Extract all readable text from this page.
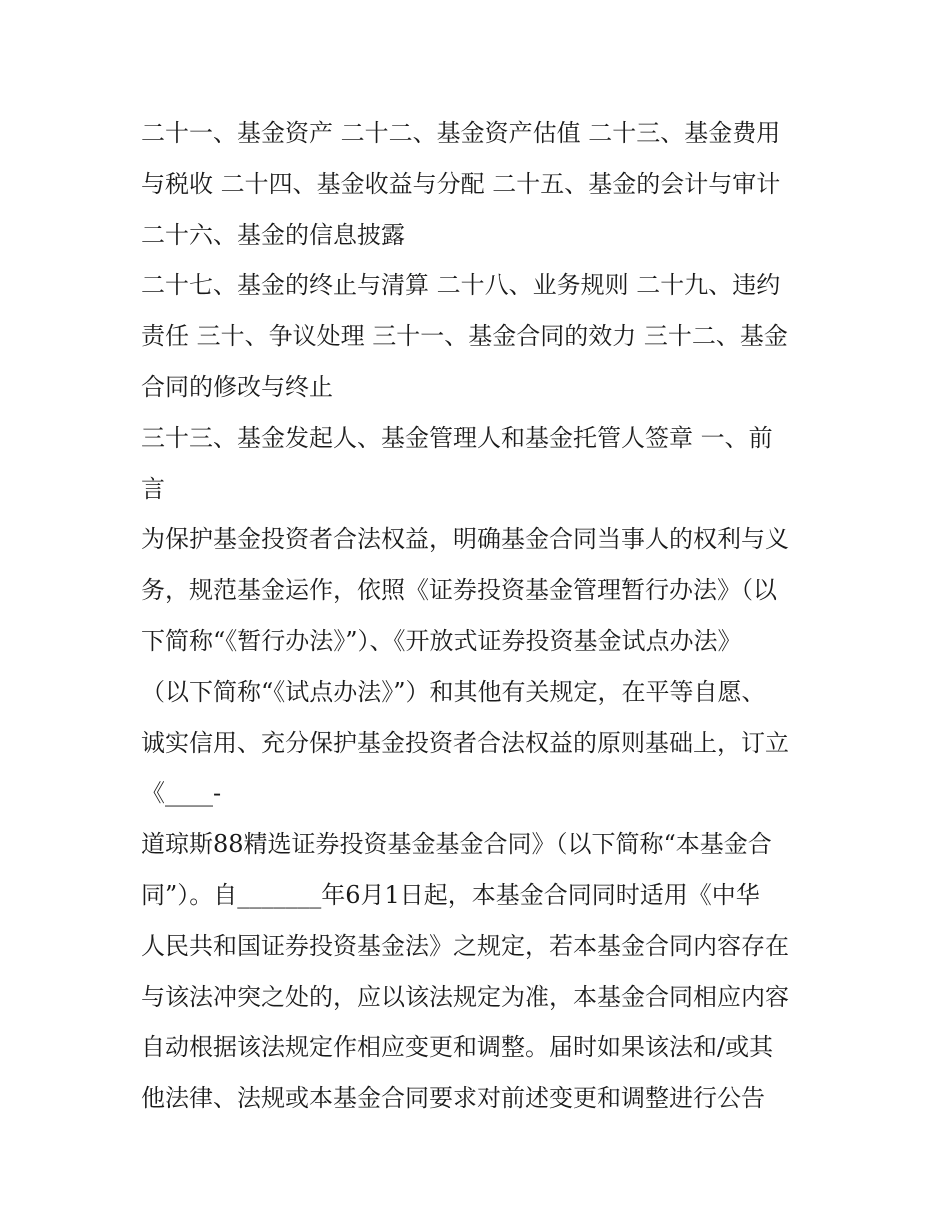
二十一、基金资产 二十二、基金资产估值 二十三、基金费用
与税收 二十四、基金收益与分配 二十五、基金的会计与审计
二十六、基金的信息披露
二十七、基金的终止与清算 二十八、业务规则 二十九、违约
责任 三十、争议处理 三十一、基金合同的效力 三十二、基金
合同的修改与终止
三十三、基金发起人、基金管理人和基金托管人签章 一、前
言
为保护基金投资者合法权益，明确基金合同当事人的权利与义
务，规范基金运作，依照《证券投资基金管理暂行办法》（以
下简称“《暂行办法》”）、《开放式证券投资基金试点办法》
（以下简称“《试点办法》”）和其他有关规定，在平等自愿、
诚实信用、充分保护基金投资者合法权益的原则基础上，订立
《____-
道琼斯88精选证券投资基金基金合同》（以下简称“本基金合
同”）。自_______年6月1日起，本基金合同同时适用《中华
人民共和国证券投资基金法》之规定，若本基金合同内容存在
与该法冲突之处的，应以该法规定为准，本基金合同相应内容
自动根据该法规定作相应变更和调整。届时如果该法和/或其
他法律、法规或本基金合同要求对前述变更和调整进行公告
